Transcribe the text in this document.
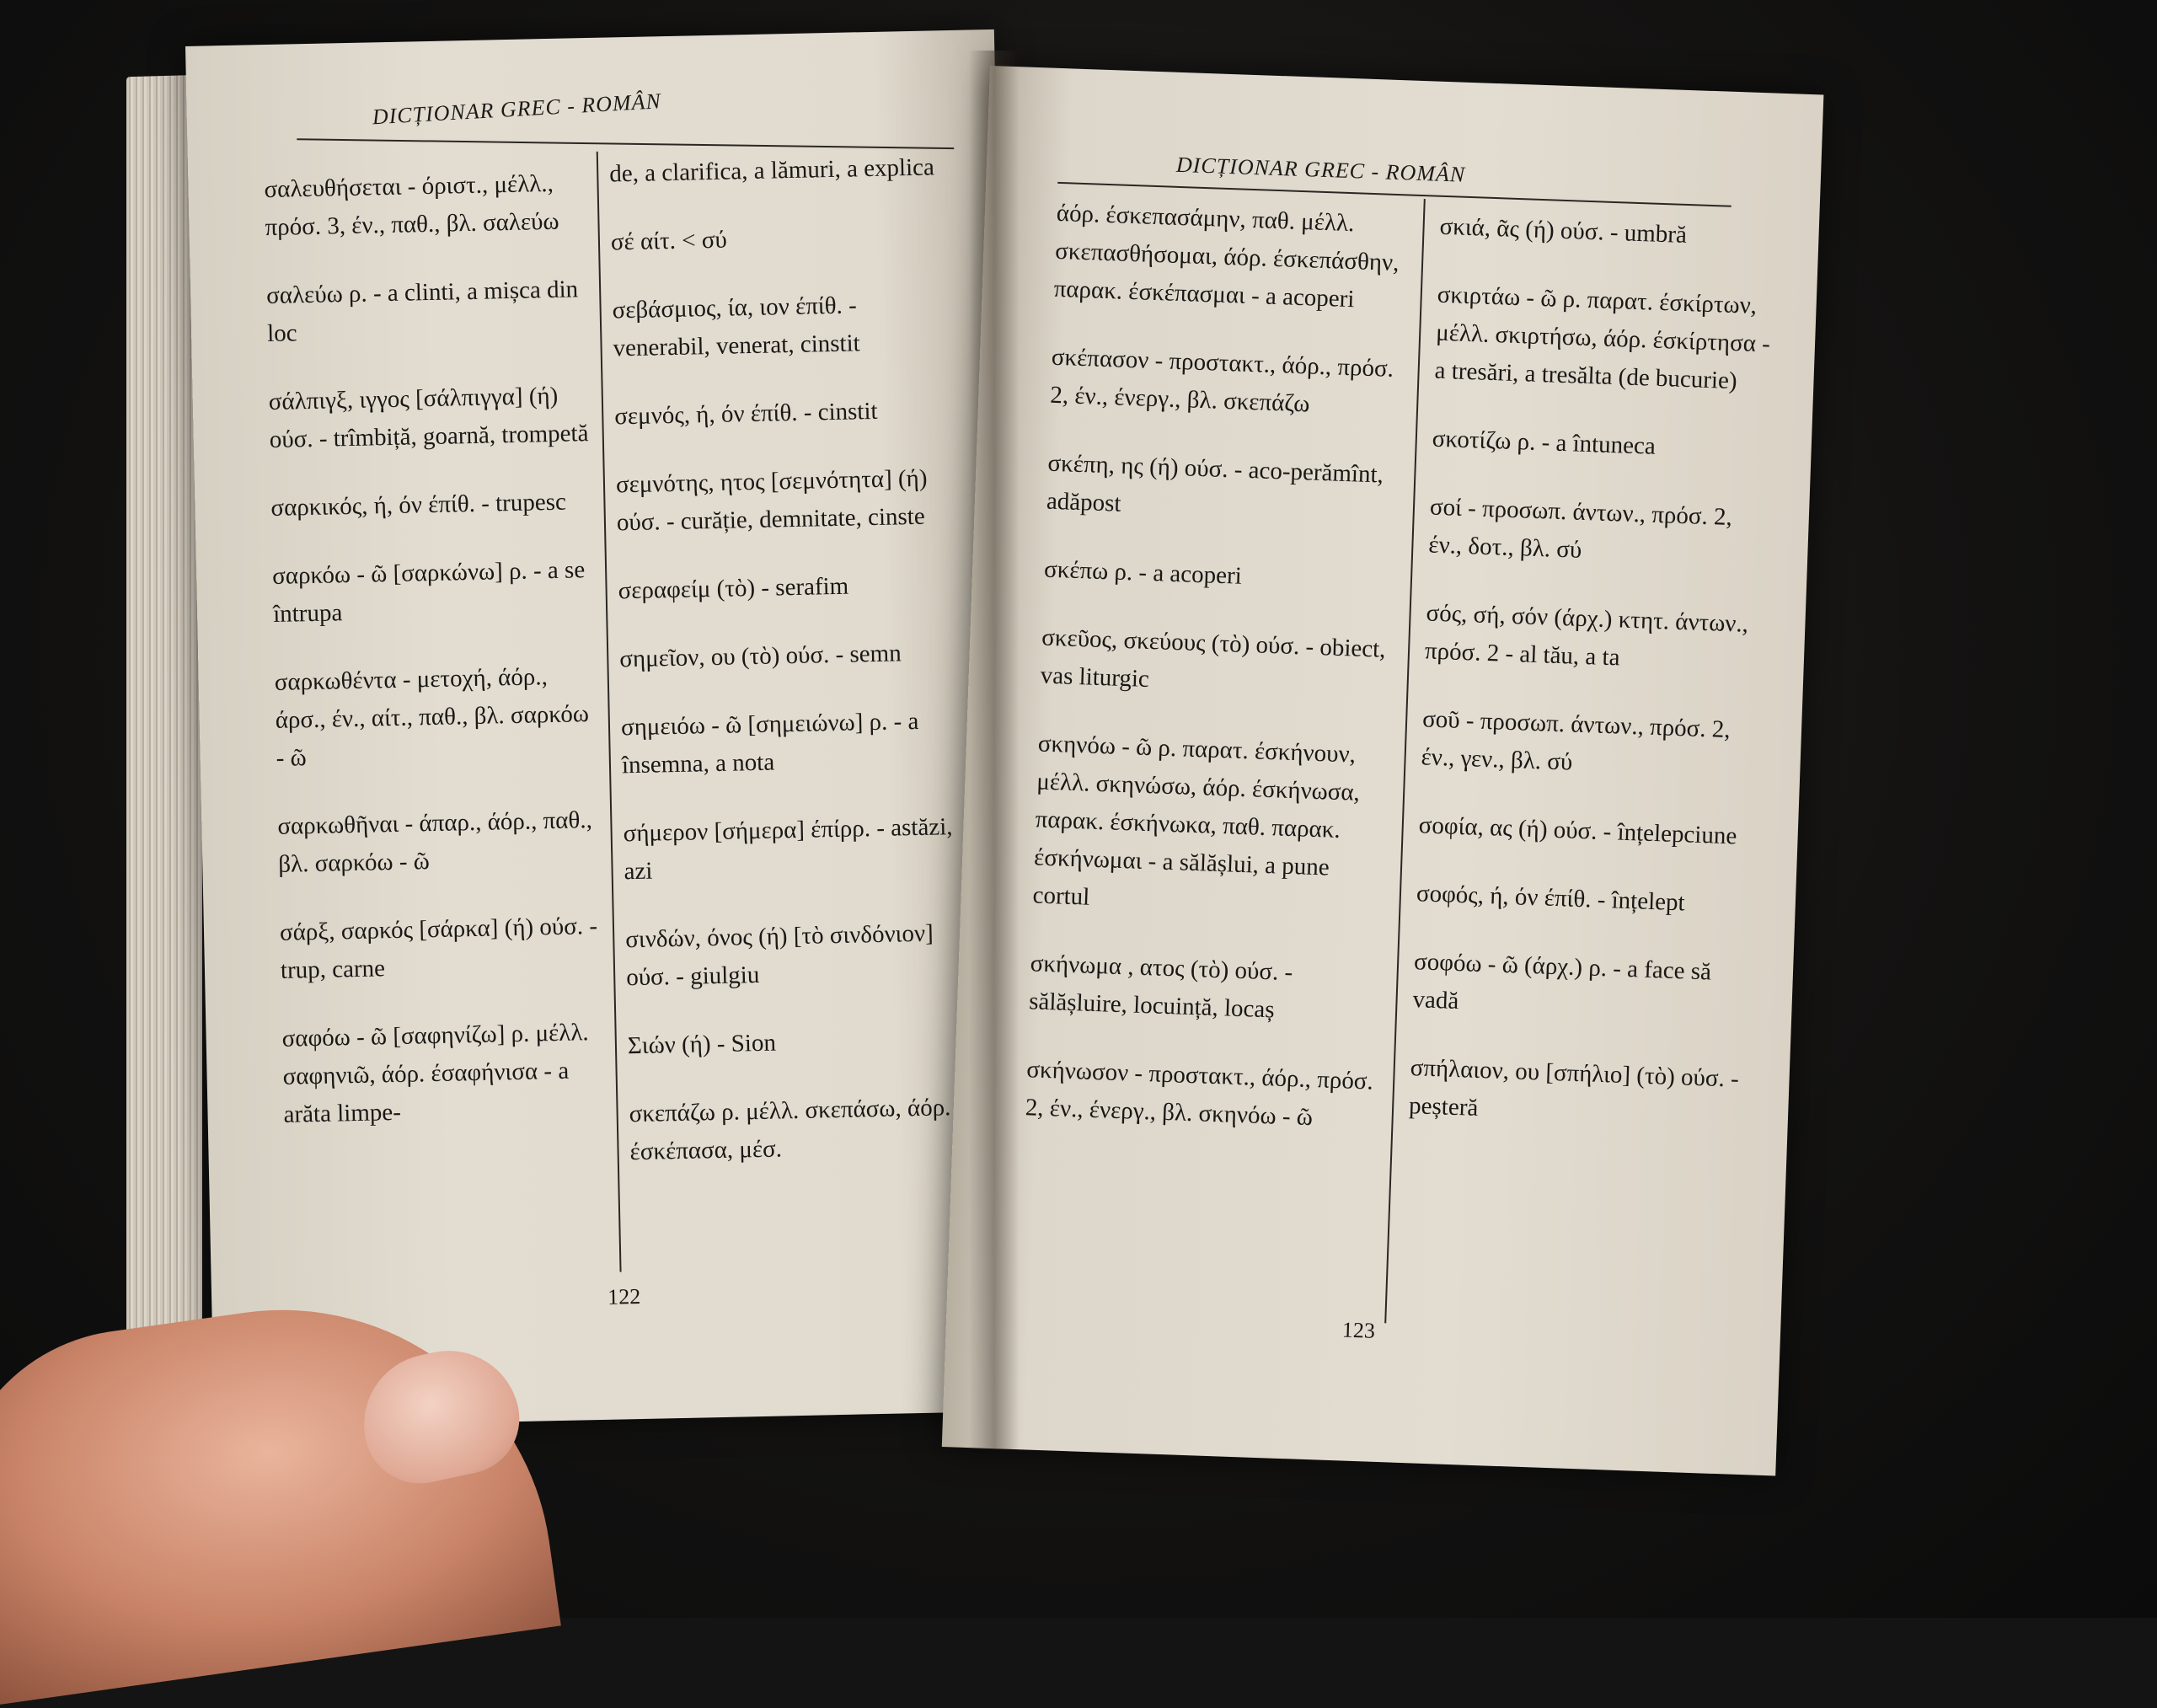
DICȚIONAR GREC - ROMÂN
σαλευθήσεται - όριστ., μέλλ., πρόσ. 3, έν., παθ., βλ. σαλεύω
σαλεύω ρ. - a clinti, a mișca din loc
σάλπιγξ, ιγγος [σάλπιγγα] (ή) ούσ. - trîmbiță, goarnă, trompetă
σαρκικός, ή, όν έπίθ. - trupesc
σαρκόω - ῶ [σαρκώνω] ρ. - a se întrupa
σαρκωθέντα - μετοχή, άόρ., άρσ., έν., αίτ., παθ., βλ. σαρκόω - ῶ
σαρκωθῆναι - άπαρ., άόρ., παθ., βλ. σαρκόω - ῶ
σάρξ, σαρκός [σάρκα] (ή) ούσ. - trup, carne
σαφόω - ῶ [σαφηνίζω] ρ. μέλλ. σαφηνιῶ, άόρ. έσαφήνισα - a arăta limpe-
de, a clarifica, a lămuri, a explica
σέ αίτ. < σύ
σεβάσμιος, ία, ιον έπίθ. - venerabil, venerat, cinstit
σεμνός, ή, όν έπίθ. - cinstit
σεμνότης, ητος [σεμνότητα] (ή) ούσ. - curăție, demnitate, cinste
σεραφείμ (τὸ) - serafim
σημεῖον, ου (τὸ) ούσ. - semn
σημειόω - ῶ [σημειώνω] ρ. - a însemna, a nota
σήμερον [σήμερα] έπίρρ. - astăzi, azi
σινδών, όνος (ή) [τὸ σινδόνιον] ούσ. - giulgiu
Σιών (ή) - Sion
σκεπάζω ρ. μέλλ. σκεπάσω, άόρ. έσκέπασα, μέσ.
122
DICȚIONAR GREC - ROMÂN
άόρ. έσκεπασάμην, παθ. μέλλ. σκεπασθήσομαι, άόρ. έσκεπάσθην, παρακ. έσκέπασμαι - a acoperi
σκέπασον - προστακτ., άόρ., πρόσ. 2, έν., ένεργ., βλ. σκεπάζω
σκέπη, ης (ή) ούσ. - aco-perămînt, adăpost
σκέπω ρ. - a acoperi
σκεῦος, σκεύους (τὸ) ούσ. - obiect, vas liturgic
σκηνόω - ῶ ρ. παρατ. έσκήνουν, μέλλ. σκηνώσω, άόρ. έσκήνωσα, παρακ. έσκήνωκα, παθ. παρακ. έσκήνωμαι - a sălășlui, a pune cortul
σκήνωμα , ατος (τὸ) ούσ. - sălășluire, locuință, locaș
σκήνωσον - προστακτ., άόρ., πρόσ. 2, έν., ένεργ., βλ. σκηνόω - ῶ
σκιά, ᾶς (ή) ούσ. - umbră
σκιρτάω - ῶ ρ. παρατ. έσκίρτων, μέλλ. σκιρτήσω, άόρ. έσκίρτησα - a tresări, a tresălta (de bucurie)
σκοτίζω ρ. - a întuneca
σοί - προσωπ. άντων., πρόσ. 2, έν., δοτ., βλ. σύ
σός, σή, σόν (άρχ.) κτητ. άντων., πρόσ. 2 - al tău, a ta
σοῦ - προσωπ. άντων., πρόσ. 2, έν., γεν., βλ. σύ
σοφία, ας (ή) ούσ. - înțelepciune
σοφός, ή, όν έπίθ. - înțelept
σοφόω - ῶ (άρχ.) ρ. - a face să vadă
σπήλαιον, ου [σπήλιο] (τὸ) ούσ. - peșteră
123
